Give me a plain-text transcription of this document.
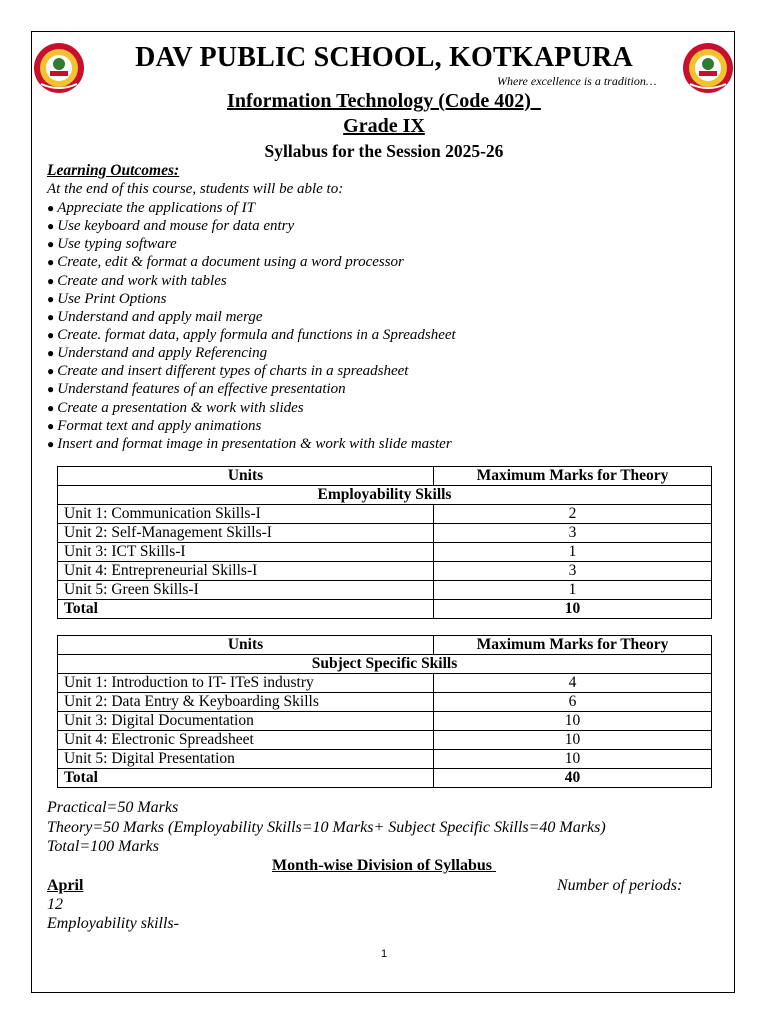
DAV PUBLIC SCHOOL, KOTKAPURA
Where excellence is a tradition…
Information Technology (Code 402)
Grade IX
Syllabus for the Session 2025-26
Learning Outcomes:
At the end of this course, students will be able to:
● Appreciate the applications of IT
● Use keyboard and mouse for data entry
● Use typing software
● Create, edit & format a document using a word processor
● Create and work with tables
● Use Print Options
● Understand and apply mail merge
● Create. format data, apply formula and functions in a Spreadsheet
● Understand and apply Referencing
● Create and insert different types of charts in a spreadsheet
● Understand features of an effective presentation
● Create a presentation & work with slides
● Format text and apply animations
● Insert and format image in presentation & work with slide master
Units	Maximum Marks for Theory
Employability Skills	
Unit 1: Communication Skills-I	2
Unit 2: Self-Management Skills-I	3
Unit 3: ICT Skills-I	1
Unit 4: Entrepreneurial Skills-I	3
Unit 5: Green Skills-I	1
Total	10
Units	Maximum Marks for Theory
Subject Specific Skills	
Unit 1: Introduction to IT- ITeS industry	4
Unit 2: Data Entry & Keyboarding Skills	6
Unit 3: Digital Documentation	10
Unit 4: Electronic Spreadsheet	10
Unit 5: Digital Presentation	10
Total	40
Practical=50 Marks
Theory=50 Marks (Employability Skills=10 Marks+ Subject Specific Skills=40 Marks)
Total=100 Marks
Month-wise Division of Syllabus
April	Number of periods:
12
Employability skills-
1
